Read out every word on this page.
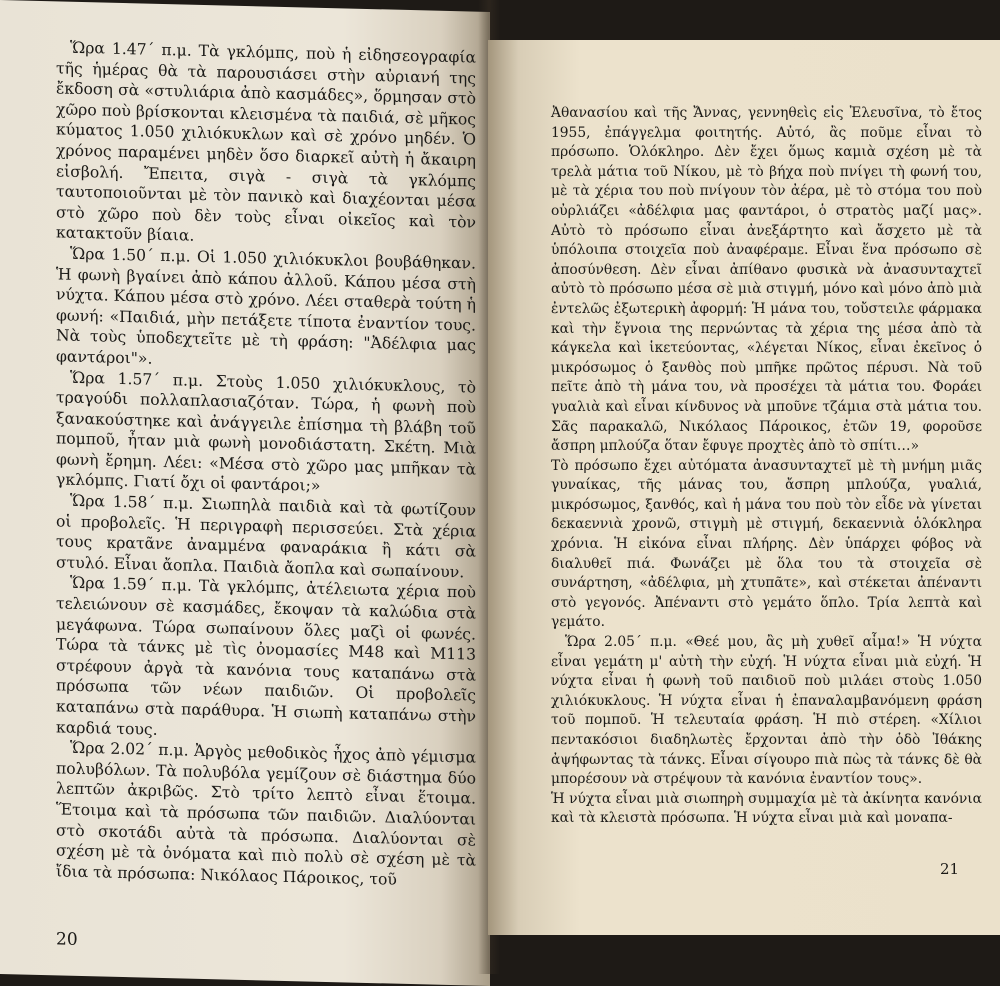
Ὥρα 1.47΄ π.μ. Τὰ γκλόμπς, ποὺ ἡ εἰδησεογραφία τῆς ἡμέρας θὰ τὰ παρουσιάσει στὴν αὐριανή της ἔκδοση σὰ «στυλιάρια ἀπὸ κασμάδες», ὅρμησαν στὸ χῶρο ποὺ βρίσκονται κλεισμένα τὰ παιδιά, σὲ μῆκος κύματος 1.050 χιλιόκυκλων καὶ σὲ χρόνο μηδέν. Ὁ χρόνος παραμένει μηδὲν ὅσο διαρκεῖ αὐτὴ ἡ ἄκαιρη εἰσβολή. Ἔπειτα, σιγὰ - σιγὰ τὰ γκλόμπς ταυτοποιοῦνται μὲ τὸν πανικὸ καὶ διαχέονται μέσα στὸ χῶρο ποὺ δὲν τοὺς εἶναι οἰκεῖος καὶ τὸν κατακτοῦν βίαια.

Ὥρα 1.50΄ π.μ. Οἱ 1.050 χιλιόκυκλοι βουβάθηκαν. Ἡ φωνὴ βγαίνει ἀπὸ κάπου ἀλλοῦ. Κάπου μέσα στὴ νύχτα. Κάπου μέσα στὸ χρόνο. Λέει σταθερὰ τούτη ἡ φωνή: «Παιδιά, μὴν πετάξετε τίποτα ἐναντίον τους. Νὰ τοὺς ὑποδεχτεῖτε μὲ τὴ φράση: "Ἀδέλφια μας φαντάροι"».

Ὥρα 1.57΄ π.μ. Στοὺς 1.050 χιλιόκυκλους, τὸ τραγούδι πολλαπλασιαζόταν. Τώρα, ἡ φωνὴ ποὺ ξανακούστηκε καὶ ἀνάγγειλε ἐπίσημα τὴ βλάβη τοῦ πομποῦ, ἦταν μιὰ φωνὴ μονοδιάστατη. Σκέτη. Μιὰ φωνὴ ἔρημη. Λέει: «Μέσα στὸ χῶρο μας μπῆκαν τὰ γκλόμπς. Γιατί ὄχι οἱ φαντάροι;»

Ὥρα 1.58΄ π.μ. Σιωπηλὰ παιδιὰ καὶ τὰ φωτίζουν οἱ προβολεῖς. Ἡ περιγραφὴ περισσεύει. Στὰ χέρια τους κρατᾶνε ἀναμμένα φαναράκια ἢ κάτι σὰ στυλό. Εἶναι ἄοπλα. Παιδιὰ ἄοπλα καὶ σωπαίνουν.

Ὥρα 1.59΄ π.μ. Τὰ γκλόμπς, ἀτέλειωτα χέρια ποὺ τελειώνουν σὲ κασμάδες, ἔκοψαν τὰ καλώδια στὰ μεγάφωνα. Τώρα σωπαίνουν ὅλες μαζὶ οἱ φωνές. Τώρα τὰ τάνκς μὲ τὶς ὀνομασίες Μ48 καὶ Μ113 στρέφουν ἀργὰ τὰ κανόνια τους καταπάνω στὰ πρόσωπα τῶν νέων παιδιῶν. Οἱ προβολεῖς καταπάνω στὰ παράθυρα. Ἡ σιωπὴ καταπάνω στὴν καρδιά τους.

Ὥρα 2.02΄ π.μ. Ἀργὸς μεθοδικὸς ἦχος ἀπὸ γέμισμα πολυβόλων. Τὰ πολυβόλα γεμίζουν σὲ διάστημα δύο λεπτῶν ἀκριβῶς. Στὸ τρίτο λεπτὸ εἶναι ἕτοιμα. Ἕτοιμα καὶ τὰ πρόσωπα τῶν παιδιῶν. Διαλύονται στὸ σκοτάδι αὐτὰ τὰ πρόσωπα. Διαλύονται σὲ σχέση μὲ τὰ ὀνόματα καὶ πιὸ πολὺ σὲ σχέση μὲ τὰ ἴδια τὰ πρόσωπα: Νικόλαος Πάροικος, τοῦ

20

Ἀθανασίου καὶ τῆς Ἄννας, γεννηθεὶς εἰς Ἐλευσῖνα, τὸ ἔτος 1955, ἐπάγγελμα φοιτητής. Αὐτό, ἂς ποῦμε εἶναι τὸ πρόσωπο. Ὁλόκληρο. Δὲν ἔχει ὅμως καμιὰ σχέση μὲ τὰ τρελὰ μάτια τοῦ Νίκου, μὲ τὸ βήχα ποὺ πνίγει τὴ φωνή του, μὲ τὰ χέρια του ποὺ πνίγουν τὸν ἀέρα, μὲ τὸ στόμα του ποὺ οὐρλιάζει «ἀδέλφια μας φαντάροι, ὁ στρατὸς μαζί μας». Αὐτὸ τὸ πρόσωπο εἶναι ἀνεξάρτητο καὶ ἄσχετο μὲ τὰ ὑπόλοιπα στοιχεῖα ποὺ ἀναφέραμε. Εἶναι ἕνα πρόσωπο σὲ ἀποσύνθεση. Δὲν εἶναι ἀπίθανο φυσικὰ νὰ ἀνασυνταχτεῖ αὐτὸ τὸ πρόσωπο μέσα σὲ μιὰ στιγμή, μόνο καὶ μόνο ἀπὸ μιὰ ἐντελῶς ἐξωτερικὴ ἀφορμή: Ἡ μάνα του, τοὔστειλε φάρμακα καὶ τὴν ἔγνοια της περνώντας τὰ χέρια της μέσα ἀπὸ τὰ κάγκελα καὶ ἱκετεύοντας, «λέγεται Νίκος, εἶναι ἐκεῖνος ὁ μικρόσωμος ὁ ξανθὸς ποὺ μπῆκε πρῶτος πέρυσι. Νὰ τοῦ πεῖτε ἀπὸ τὴ μάνα του, νὰ προσέχει τὰ μάτια του. Φοράει γυαλιὰ καὶ εἶναι κίνδυνος νὰ μποῦνε τζάμια στὰ μάτια του. Σᾶς παρακαλῶ, Νικόλαος Πάροικος, ἐτῶν 19, φοροῦσε ἄσπρη μπλούζα ὅταν ἔφυγε προχτὲς ἀπὸ τὸ σπίτι…»

Τὸ πρόσωπο ἔχει αὐτόματα ἀνασυνταχτεῖ μὲ τὴ μνήμη μιᾶς γυναίκας, τῆς μάνας του, ἄσπρη μπλούζα, γυαλιά, μικρόσωμος, ξανθός, καὶ ἡ μάνα του ποὺ τὸν εἶδε νὰ γίνεται δεκαεννιὰ χρονῶ, στιγμὴ μὲ στιγμή, δεκαεννιὰ ὁλόκληρα χρόνια. Ἡ εἰκόνα εἶναι πλήρης. Δὲν ὑπάρχει φόβος νὰ διαλυθεῖ πιά. Φωνάζει μὲ ὅλα του τὰ στοιχεῖα σὲ συνάρτηση, «ἀδέλφια, μὴ χτυπᾶτε», καὶ στέκεται ἀπέναντι στὸ γεγονός. Ἀπέναντι στὸ γεμάτο ὅπλο. Τρία λεπτὰ καὶ γεμάτο.

Ὥρα 2.05΄ π.μ. «Θεέ μου, ἂς μὴ χυθεῖ αἷμα!» Ἡ νύχτα εἶναι γεμάτη μ' αὐτὴ τὴν εὐχή. Ἡ νύχτα εἶναι μιὰ εὐχή. Ἡ νύχτα εἶναι ἡ φωνὴ τοῦ παιδιοῦ ποὺ μιλάει στοὺς 1.050 χιλιόκυκλους. Ἡ νύχτα εἶναι ἡ ἐπαναλαμβανόμενη φράση τοῦ πομποῦ. Ἡ τελευταία φράση. Ἡ πιὸ στέρεη. «Χίλιοι πεντακόσιοι διαδηλωτὲς ἔρχονται ἀπὸ τὴν ὁδὸ Ἰθάκης ἀψήφωντας τὰ τάνκς. Εἶναι σίγουρο πιὰ πὼς τὰ τάνκς δὲ θὰ μπορέσουν νὰ στρέψουν τὰ κανόνια ἐναντίον τους».

Ἡ νύχτα εἶναι μιὰ σιωπηρὴ συμμαχία μὲ τὰ ἀκίνητα κανόνια καὶ τὰ κλειστὰ πρόσωπα. Ἡ νύχτα εἶναι μιὰ καὶ μοναπα-

21
